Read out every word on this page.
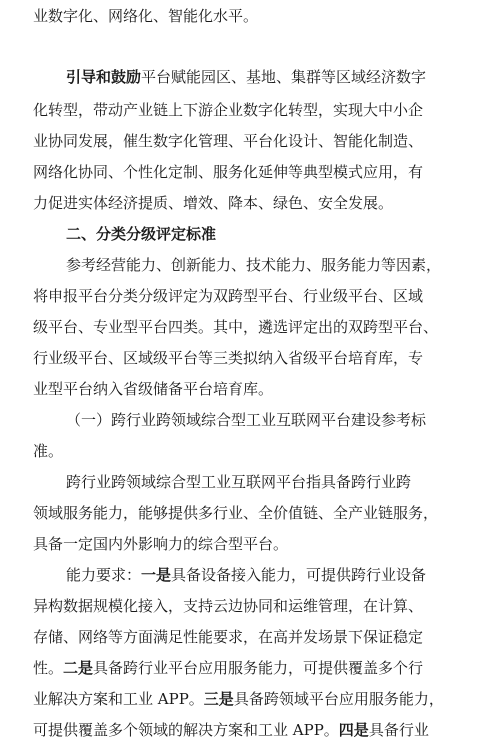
业数字化、网络化、智能化水平。
引导和鼓励平台赋能园区、基地、集群等区域经济数字
化转型，带动产业链上下游企业数字化转型，实现大中小企
业协同发展，催生数字化管理、平台化设计、智能化制造、
网络化协同、个性化定制、服务化延伸等典型模式应用，有
力促进实体经济提质、增效、降本、绿色、安全发展。
二、分类分级评定标准
参考经营能力、创新能力、技术能力、服务能力等因素，
将申报平台分类分级评定为双跨型平台、行业级平台、区域
级平台、专业型平台四类。其中，遴选评定出的双跨型平台、
行业级平台、区域级平台等三类拟纳入省级平台培育库，专
业型平台纳入省级储备平台培育库。
（一）跨行业跨领域综合型工业互联网平台建设参考标
准。
跨行业跨领域综合型工业互联网平台指具备跨行业跨
领域服务能力，能够提供多行业、全价值链、全产业链服务，
具备一定国内外影响力的综合型平台。
能力要求：一是具备设备接入能力，可提供跨行业设备
异构数据规模化接入，支持云边协同和运维管理，在计算、
存储、网络等方面满足性能要求，在高并发场景下保证稳定
性。二是具备跨行业平台应用服务能力，可提供覆盖多个行
业解决方案和工业 APP。三是具备跨领域平台应用服务能力，
可提供覆盖多个领域的解决方案和工业 APP。四是具备行业
